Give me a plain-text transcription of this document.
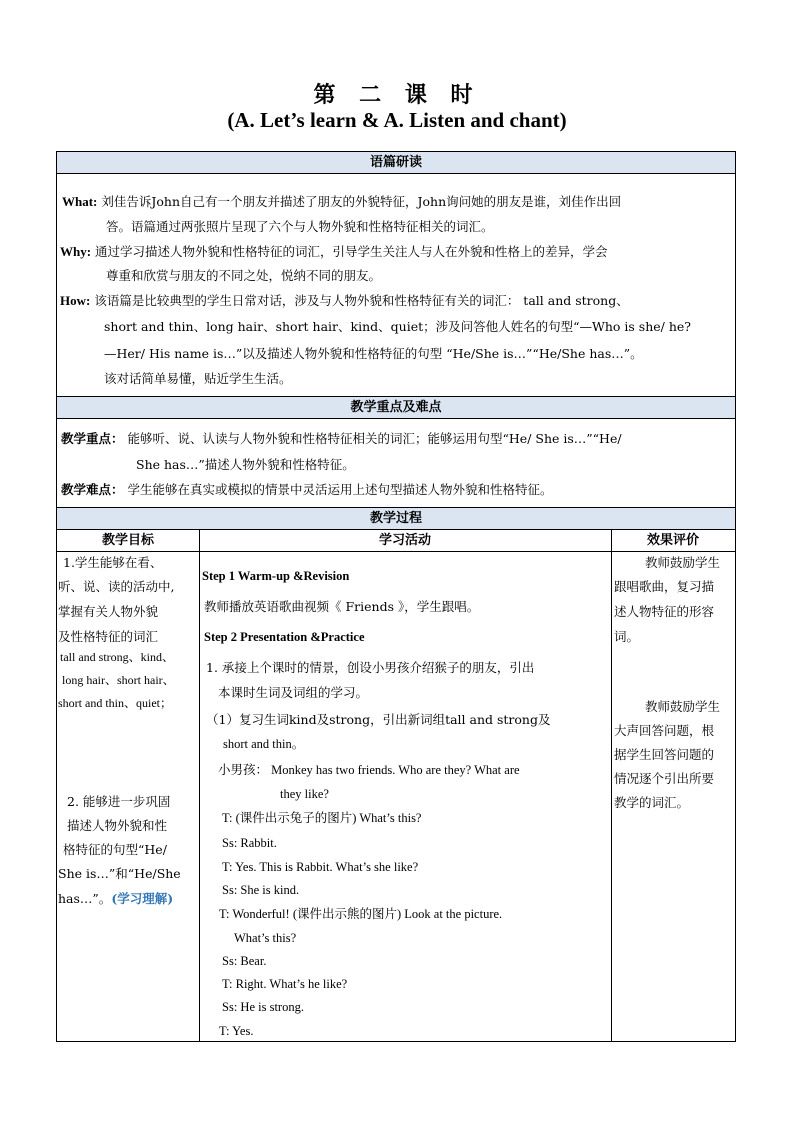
第 二 课 时
(A. Let’s learn & A. Listen and chant)
语篇研读
What: 刘佳告诉John自己有一个朋友并描述了朋友的外貌特征，John询问她的朋友是谁，刘佳作出回
答。语篇通过两张照片呈现了六个与人物外貌和性格特征相关的词汇。
Why: 通过学习描述人物外貌和性格特征的词汇，引导学生关注人与人在外貌和性格上的差异，学会
尊重和欣赏与朋友的不同之处，悦纳不同的朋友。
How: 该语篇是比较典型的学生日常对话，涉及与人物外貌和性格特征有关的词汇： tall and strong、
short and thin、long hair、short hair、kind、quiet；涉及问答他人姓名的句型“—Who is she/ he?
—Her/ His name is…”以及描述人物外貌和性格特征的句型 “He/She is…”“He/She has…”。
该对话简单易懂，贴近学生生活。
教学重点及难点
教学重点： 能够听、说、认读与人物外貌和性格特征相关的词汇；能够运用句型“He/ She is…”“He/
She has…”描述人物外貌和性格特征。
教学难点： 学生能够在真实或模拟的情景中灵活运用上述句型描述人物外貌和性格特征。
教学过程
教学目标	学习活动	效果评价
1.学生能够在看、
听、说、读的活动中,
掌握有关人物外貌
及性格特征的词汇
tall and strong、kind、
long hair、short hair、
short and thin、quiet；
2. 能够进一步巩固
描述人物外貌和性
格特征的句型“He/
She is…”和“He/She
has…”。(学习理解)
Step 1 Warm-up &Revision
教师播放英语歌曲视频《 Friends 》，学生跟唱。
Step 2 Presentation &Practice
1. 承接上个课时的情景，创设小男孩介绍猴子的朋友，引出
本课时生词及词组的学习。
（1）复习生词kind及strong，引出新词组tall and strong及
short and thin。
小男孩： Monkey has two friends. Who are they? What are
they like?
T: (课件出示兔子的图片) What’s this?
Ss: Rabbit.
T: Yes. This is Rabbit. What’s she like?
Ss: She is kind.
T: Wonderful! (课件出示熊的图片) Look at the picture.
What’s this?
Ss: Bear.
T: Right. What’s he like?
Ss: He is strong.
T: Yes.
教师鼓励学生
跟唱歌曲，复习描
述人物特征的形容
词。
教师鼓励学生
大声回答问题，根
据学生回答问题的
情况逐个引出所要
教学的词汇。
